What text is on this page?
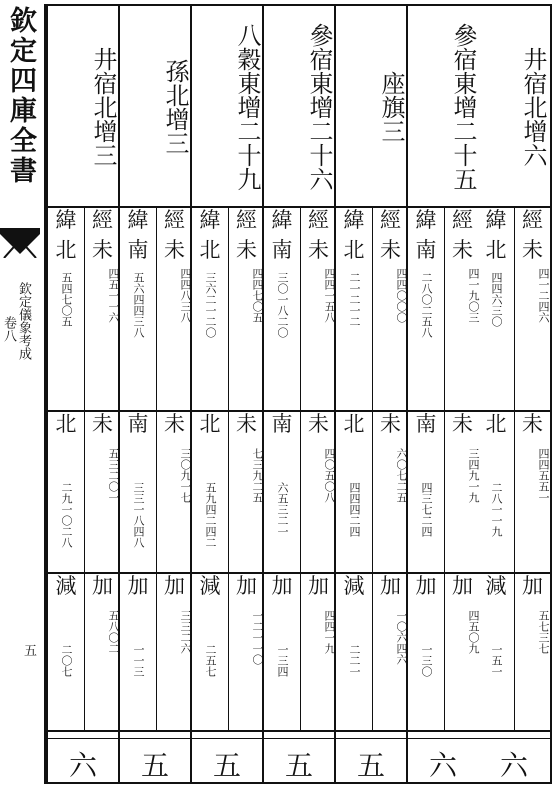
欽定四庫全書
欽定儀象考成
卷八
五
井宿北增六
經
未
四一二四六
緯
北
四四六三〇
未
四四五五一
北
二八一一九
加
五七三七
減
一五一
六
參宿東增二十五
經
未
四一九〇三
緯
南
二八〇二五八
未
三四九一九
南
四三七二四
加
四五〇九
加
一三〇
六
座旗三
經
未
四四〇〇〇
緯
北
二一二一二
未
六〇七二五
北
四四四二四
加
一〇六四六
減
二二一
五
參宿東增二十六
經
未
四四一五八
緯
南
三〇一八二〇
未
四〇五〇八
南
六五三二一
加
四四一九
加
一三四
五
八穀東增二十九
經
未
四四七〇五
緯
北
三六二一二〇
未
七三九二五
北
五九四二四二
加
一二一一〇
減
二五七
五
孫北增三
經
未
四四八三八
緯
南
五六四四三八
未
三〇九一七
南
三三一八四八
加
三三二六
加
一一三
五
井宿北增三
經
未
四五一一六
緯
北
五四七〇五
未
五三二〇一
北
二九一〇二八
加
五八〇二
減
二〇七
六
